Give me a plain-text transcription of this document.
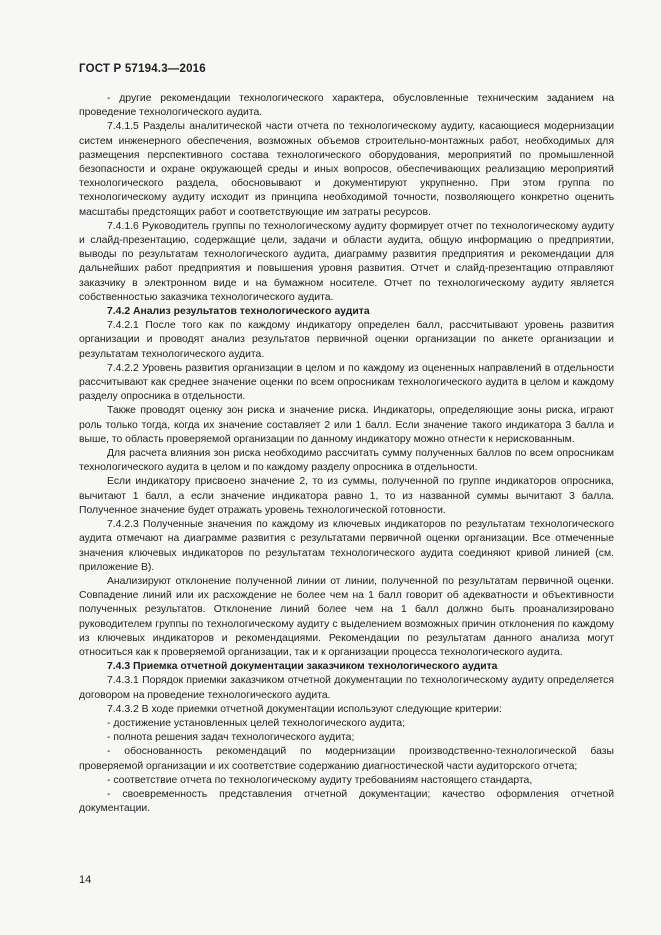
ГОСТ Р 57194.3—2016

- другие рекомендации технологического характера, обусловленные техническим заданием на проведение технологического аудита.

7.4.1.5 Разделы аналитической части отчета по технологическому аудиту, касающиеся модернизации систем инженерного обеспечения, возможных объемов строительно-монтажных работ, необходимых для размещения перспективного состава технологического оборудования, мероприятий по промышленной безопасности и охране окружающей среды и иных вопросов, обеспечивающих реализацию мероприятий технологического раздела, обосновывают и документируют укрупненно. При этом группа по технологическому аудиту исходит из принципа необходимой точности, позволяющего конкретно оценить масштабы предстоящих работ и соответствующие им затраты ресурсов.

7.4.1.6 Руководитель группы по технологическому аудиту формирует отчет по технологическому аудиту и слайд-презентацию, содержащие цели, задачи и области аудита, общую информацию о предприятии, выводы по результатам технологического аудита, диаграмму развития предприятия и рекомендации для дальнейших работ предприятия и повышения уровня развития. Отчет и слайд-презентацию отправляют заказчику в электронном виде и на бумажном носителе. Отчет по технологическому аудиту является собственностью заказчика технологического аудита.

7.4.2 Анализ результатов технологического аудита

7.4.2.1 После того как по каждому индикатору определен балл, рассчитывают уровень развития организации и проводят анализ результатов первичной оценки организации по анкете организации и результатам технологического аудита.

7.4.2.2 Уровень развития организации в целом и по каждому из оцененных направлений в отдельности рассчитывают как среднее значение оценки по всем опросникам технологического аудита в целом и каждому разделу опросника в отдельности.

Также проводят оценку зон риска и значение риска. Индикаторы, определяющие зоны риска, играют роль только тогда, когда их значение составляет 2 или 1 балл. Если значение такого индикатора 3 балла и выше, то область проверяемой организации по данному индикатору можно отнести к нерискованным.

Для расчета влияния зон риска необходимо рассчитать сумму полученных баллов по всем опросникам технологического аудита в целом и по каждому разделу опросника в отдельности.

Если индикатору присвоено значение 2, то из суммы, полученной по группе индикаторов опросника, вычитают 1 балл, а если значение индикатора равно 1, то из названной суммы вычитают 3 балла. Полученное значение будет отражать уровень технологической готовности.

7.4.2.3 Полученные значения по каждому из ключевых индикаторов по результатам технологического аудита отмечают на диаграмме развития с результатами первичной оценки организации. Все отмеченные значения ключевых индикаторов по результатам технологического аудита соединяют кривой линией (см. приложение В).

Анализируют отклонение полученной линии от линии, полученной по результатам первичной оценки. Совпадение линий или их расхождение не более чем на 1 балл говорит об адекватности и объективности полученных результатов. Отклонение линий более чем на 1 балл должно быть проанализировано руководителем группы по технологическому аудиту с выделением возможных причин отклонения по каждому из ключевых индикаторов и рекомендациями. Рекомендации по результатам данного анализа могут относиться как к проверяемой организации, так и к организации процесса технологического аудита.

7.4.3 Приемка отчетной документации заказчиком технологического аудита

7.4.3.1 Порядок приемки заказчиком отчетной документации по технологическому аудиту определяется договором на проведение технологического аудита.

7.4.3.2 В ходе приемки отчетной документации используют следующие критерии:

- достижение установленных целей технологического аудита;

- полнота решения задач технологического аудита;

- обоснованность рекомендаций по модернизации производственно-технологической базы проверяемой организации и их соответствие содержанию диагностической части аудиторского отчета;

- соответствие отчета по технологическому аудиту требованиям настоящего стандарта,

- своевременность представления отчетной документации; качество оформления отчетной документации.

14
